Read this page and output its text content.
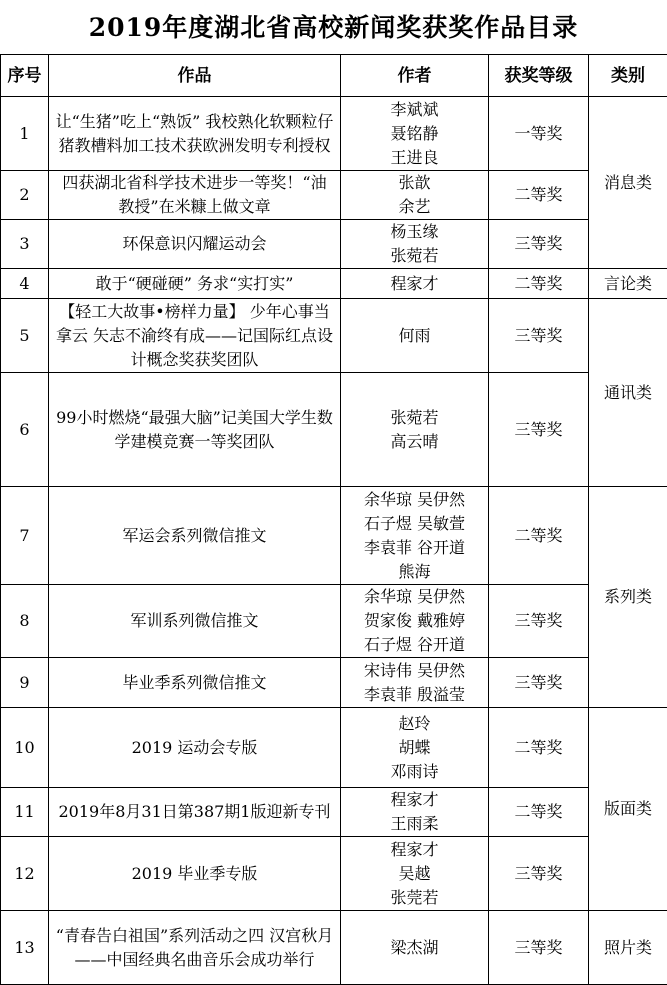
2019年度湖北省高校新闻奖获奖作品目录
序号	作品	作者	获奖等级	类别
1	让“生猪”吃上“熟饭” 我校熟化软颗粒仔猪教槽料加工技术获欧洲发明专利授权	李斌斌
聂铭静
王进良	一等奖	消息类
2	四获湖北省科学技术进步一等奖！“油教授”在米糠上做文章	张歆
余艺	二等奖	
3	环保意识闪耀运动会	杨玉缘
张菀若	三等奖	
4	敢于“硬碰硬” 务求“实打实”	程家才	二等奖	言论类
5	【轻工大故事•榜样力量】 少年心事当拿云 矢志不渝终有成——记国际红点设计概念奖获奖团队	何雨	三等奖	通讯类
6	99小时燃烧“最强大脑”记美国大学生数学建模竞赛一等奖团队	张菀若
高云晴	三等奖	
7	军运会系列微信推文	余华琼 吴伊然
石子煜 吴敏萱
李袁菲 谷开道
熊海	二等奖	系列类
8	军训系列微信推文	余华琼 吴伊然
贺家俊 戴雅婷
石子煜 谷开道	三等奖	
9	毕业季系列微信推文	宋诗伟 吴伊然
李袁菲 殷溢莹	三等奖	
10	2019 运动会专版	赵玲
胡蝶
邓雨诗	二等奖	版面类
11	2019年8月31日第387期1版迎新专刊	程家才
王雨柔	二等奖	
12	2019 毕业季专版	程家才
吴越
张莞若	三等奖	
13	“青春告白祖国”系列活动之四 汉宫秋月——中国经典名曲音乐会成功举行	梁杰湖	三等奖	照片类
